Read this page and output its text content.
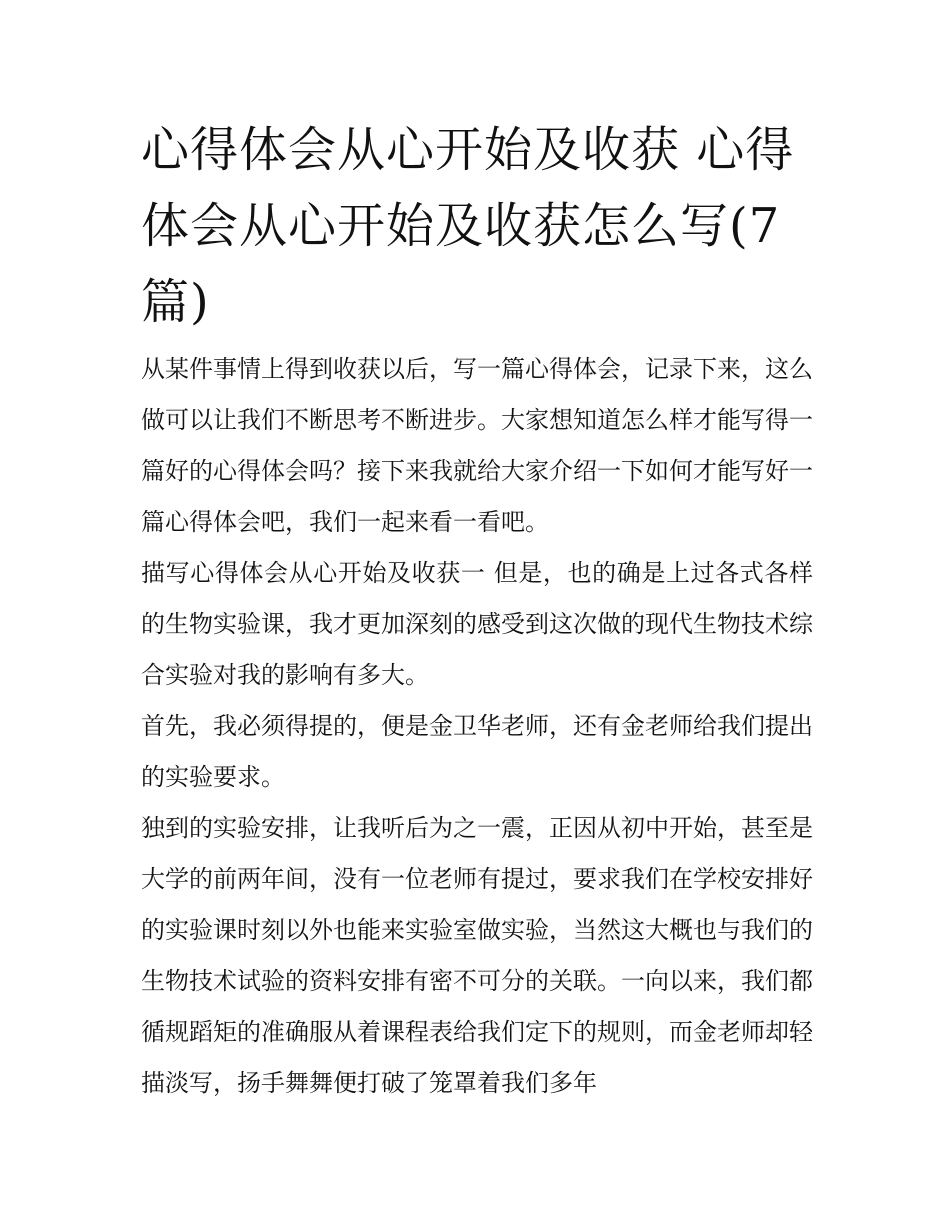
心得体会从心开始及收获 心得体会从心开始及收获怎么写(7篇)

从某件事情上得到收获以后，写一篇心得体会，记录下来，这么做可以让我们不断思考不断进步。大家想知道怎么样才能写得一篇好的心得体会吗？接下来我就给大家介绍一下如何才能写好一篇心得体会吧，我们一起来看一看吧。

描写心得体会从心开始及收获一 但是，也的确是上过各式各样的生物实验课，我才更加深刻的感受到这次做的现代生物技术综合实验对我的影响有多大。

首先，我必须得提的，便是金卫华老师，还有金老师给我们提出的实验要求。

独到的实验安排，让我听后为之一震，正因从初中开始，甚至是大学的前两年间，没有一位老师有提过，要求我们在学校安排好的实验课时刻以外也能来实验室做实验，当然这大概也与我们的生物技术试验的资料安排有密不可分的关联。一向以来，我们都循规蹈矩的准确服从着课程表给我们定下的规则，而金老师却轻描淡写，扬手舞舞便打破了笼罩着我们多年
